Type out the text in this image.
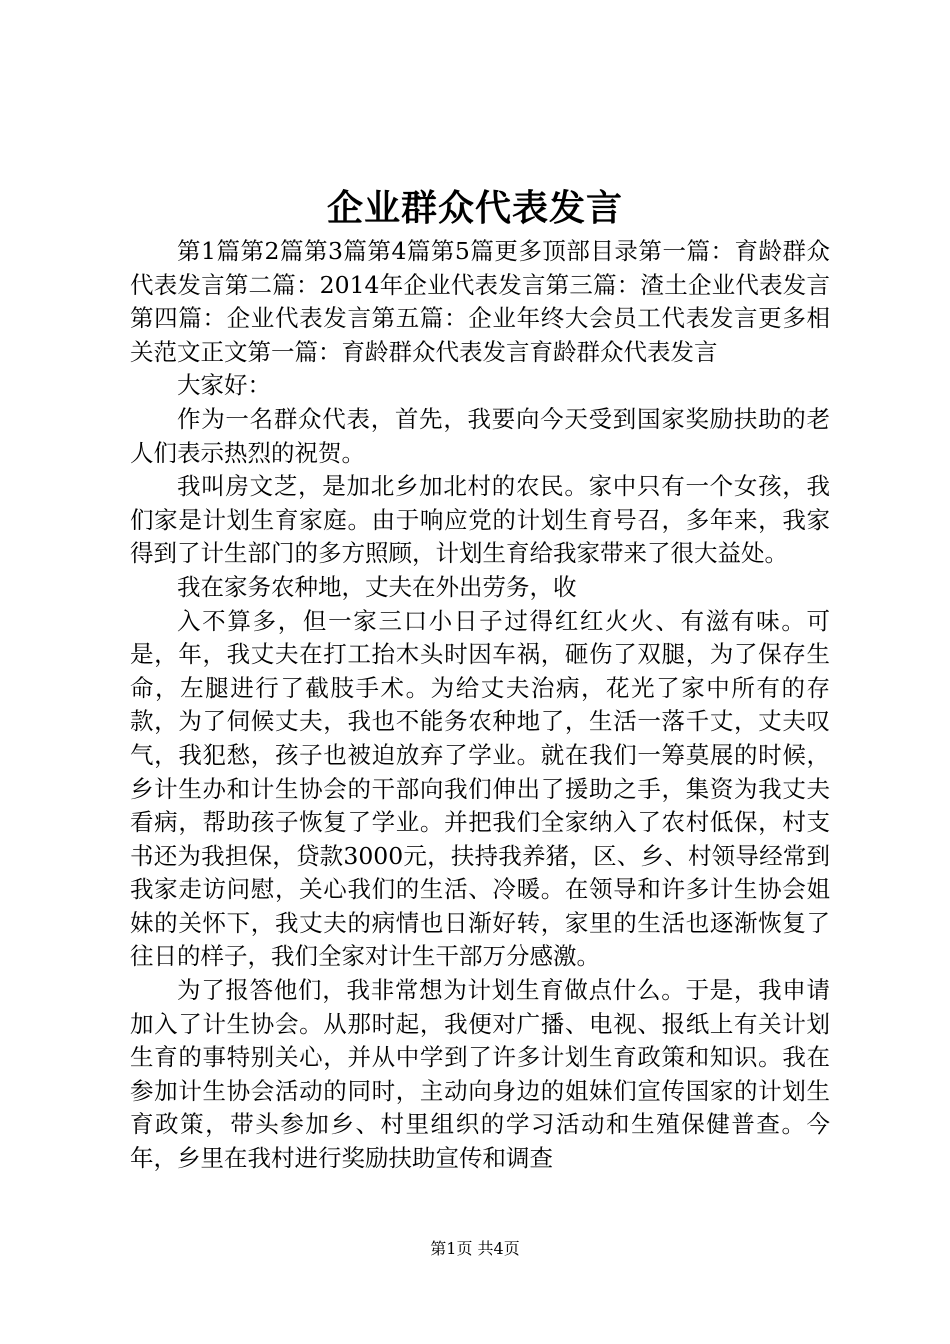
企业群众代表发言

第1篇第2篇第3篇第4篇第5篇更多顶部目录第一篇：育龄群众代表发言第二篇：2014年企业代表发言第三篇：渣土企业代表发言第四篇：企业代表发言第五篇：企业年终大会员工代表发言更多相关范文正文第一篇：育龄群众代表发言育龄群众代表发言

大家好：

作为一名群众代表，首先，我要向今天受到国家奖励扶助的老人们表示热烈的祝贺。

我叫房文芝，是加北乡加北村的农民。家中只有一个女孩，我们家是计划生育家庭。由于响应党的计划生育号召，多年来，我家得到了计生部门的多方照顾，计划生育给我家带来了很大益处。

我在家务农种地，丈夫在外出劳务，收

入不算多，但一家三口小日子过得红红火火、有滋有味。可是，年，我丈夫在打工抬木头时因车祸，砸伤了双腿，为了保存生命，左腿进行了截肢手术。为给丈夫治病，花光了家中所有的存款，为了伺候丈夫，我也不能务农种地了，生活一落千丈，丈夫叹气，我犯愁，孩子也被迫放弃了学业。就在我们一筹莫展的时候，乡计生办和计生协会的干部向我们伸出了援助之手，集资为我丈夫看病，帮助孩子恢复了学业。并把我们全家纳入了农村低保，村支书还为我担保，贷款3000元，扶持我养猪，区、乡、村领导经常到我家走访问慰，关心我们的生活、冷暖。在领导和许多计生协会姐妹的关怀下，我丈夫的病情也日渐好转，家里的生活也逐渐恢复了往日的样子，我们全家对计生干部万分感激。

为了报答他们，我非常想为计划生育做点什么。于是，我申请加入了计生协会。从那时起，我便对广播、电视、报纸上有关计划生育的事特别关心，并从中学到了许多计划生育政策和知识。我在参加计生协会活动的同时，主动向身边的姐妹们宣传国家的计划生育政策，带头参加乡、村里组织的学习活动和生殖保健普查。今年，乡里在我村进行奖励扶助宣传和调查

第1页 共4页
